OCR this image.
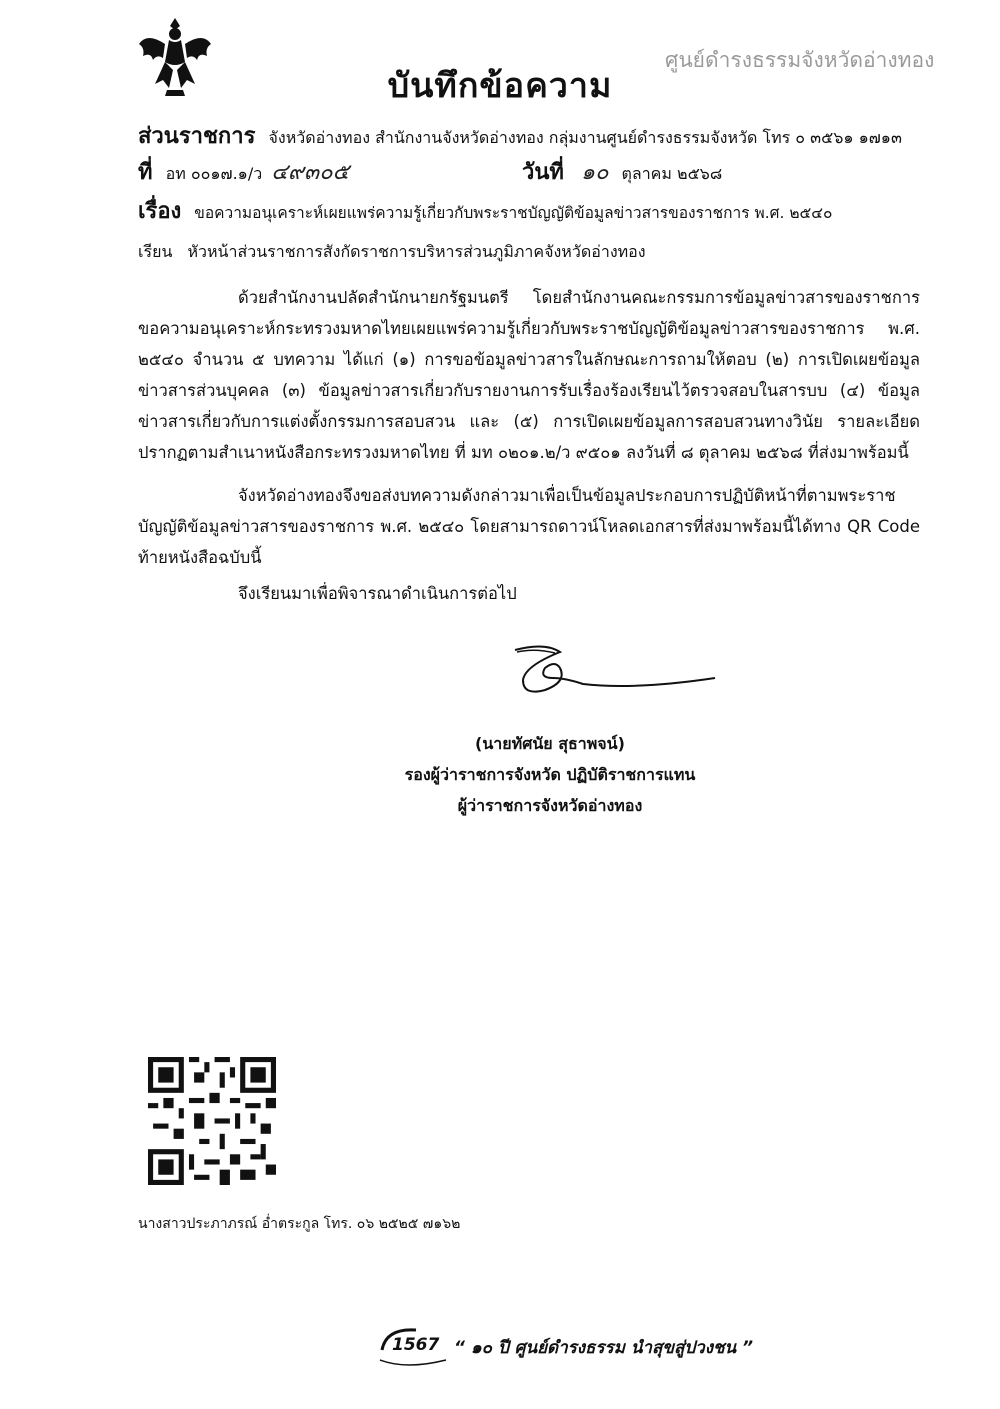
บันทึกข้อความ
ศูนย์ดำรงธรรมจังหวัดอ่างทอง
ส่วนราชการ จังหวัดอ่างทอง สำนักงานจังหวัดอ่างทอง กลุ่มงานศูนย์ดำรงธรรมจังหวัด โทร ๐ ๓๕๖๑ ๑๗๑๓
ที่ อท ๐๐๑๗.๑/ว ๔๙๓๐๕	วันที่ ๑๐ ตุลาคม ๒๕๖๘
เรื่อง ขอความอนุเคราะห์เผยแพร่ความรู้เกี่ยวกับพระราชบัญญัติข้อมูลข่าวสารของราชการ พ.ศ. ๒๕๔๐
เรียน หัวหน้าส่วนราชการสังกัดราชการบริหารส่วนภูมิภาคจังหวัดอ่างทอง
ด้วยสำนักงานปลัดสำนักนายกรัฐมนตรี โดยสำนักงานคณะกรรมการข้อมูลข่าวสารของราชการ ขอความอนุเคราะห์กระทรวงมหาดไทยเผยแพร่ความรู้เกี่ยวกับพระราชบัญญัติข้อมูลข่าวสารของราชการ พ.ศ. ๒๕๔๐ จำนวน ๕ บทความ ได้แก่ (๑) การขอข้อมูลข่าวสารในลักษณะการถามให้ตอบ (๒) การเปิดเผยข้อมูลข่าวสารส่วนบุคคล (๓) ข้อมูลข่าวสารเกี่ยวกับรายงานการรับเรื่องร้องเรียนไว้ตรวจสอบในสารบบ (๔) ข้อมูลข่าวสารเกี่ยวกับการแต่งตั้งกรรมการสอบสวน และ (๕) การเปิดเผยข้อมูลการสอบสวนทางวินัย รายละเอียดปรากฏตามสำเนาหนังสือกระทรวงมหาดไทย ที่ มท ๐๒๐๑.๒/ว ๙๕๐๑ ลงวันที่ ๘ ตุลาคม ๒๕๖๘ ที่ส่งมาพร้อมนี้
จังหวัดอ่างทองจึงขอส่งบทความดังกล่าวมาเพื่อเป็นข้อมูลประกอบการปฏิบัติหน้าที่ตามพระราชบัญญัติข้อมูลข่าวสารของราชการ พ.ศ. ๒๕๔๐ โดยสามารถดาวน์โหลดเอกสารที่ส่งมาพร้อมนี้ได้ทาง QR Code ท้ายหนังสือฉบับนี้
จึงเรียนมาเพื่อพิจารณาดำเนินการต่อไป
(นายทัศนัย สุธาพจน์)
รองผู้ว่าราชการจังหวัด ปฏิบัติราชการแทน
ผู้ว่าราชการจังหวัดอ่างทอง
นางสาวประภาภรณ์ อ่ำตระกูล โทร. ๐๖ ๒๕๒๕ ๗๑๖๒
1567 “ ๑๐ ปี ศูนย์ดำรงธรรม นำสุขสู่ปวงชน ”
